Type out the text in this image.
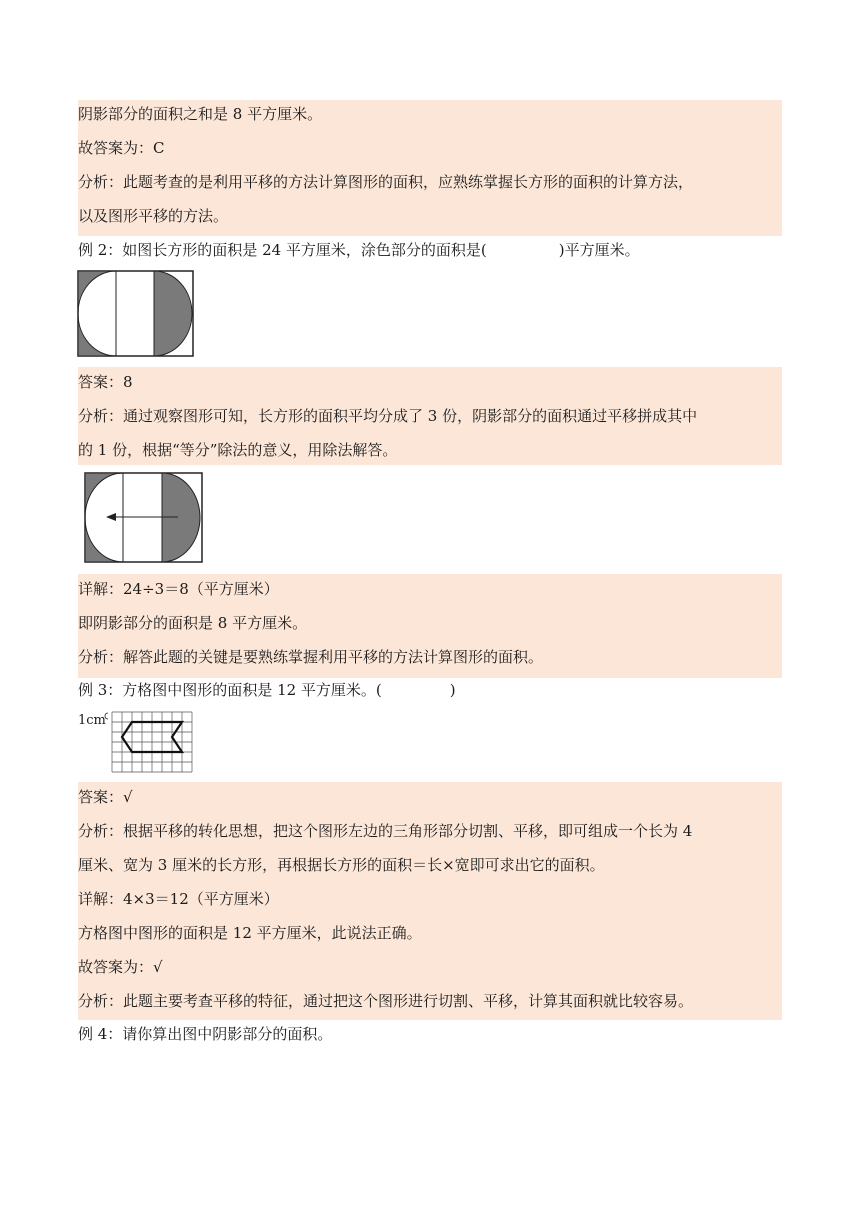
阴影部分的面积之和是 8 平方厘米。
故答案为：C
分析：此题考查的是利用平移的方法计算图形的面积，应熟练掌握长方形的面积的计算方法，
以及图形平移的方法。
例 2：如图长方形的面积是 24 平方厘米，涂色部分的面积是(	)平方厘米。
答案：8
分析：通过观察图形可知，长方形的面积平均分成了 3 份，阴影部分的面积通过平移拼成其中
的 1 份，根据“等分”除法的意义，用除法解答。
详解：24÷3＝8（平方厘米）
即阴影部分的面积是 8 平方厘米。
分析：解答此题的关键是要熟练掌握利用平移的方法计算图形的面积。
例 3：方格图中图形的面积是 12 平方厘米。(	)
1cm
答案：√
分析：根据平移的转化思想，把这个图形左边的三角形部分切割、平移，即可组成一个长为 4
厘米、宽为 3 厘米的长方形，再根据长方形的面积＝长×宽即可求出它的面积。
详解：4×3＝12（平方厘米）
方格图中图形的面积是 12 平方厘米，此说法正确。
故答案为：√
分析：此题主要考查平移的特征，通过把这个图形进行切割、平移，计算其面积就比较容易。
例 4：请你算出图中阴影部分的面积。
